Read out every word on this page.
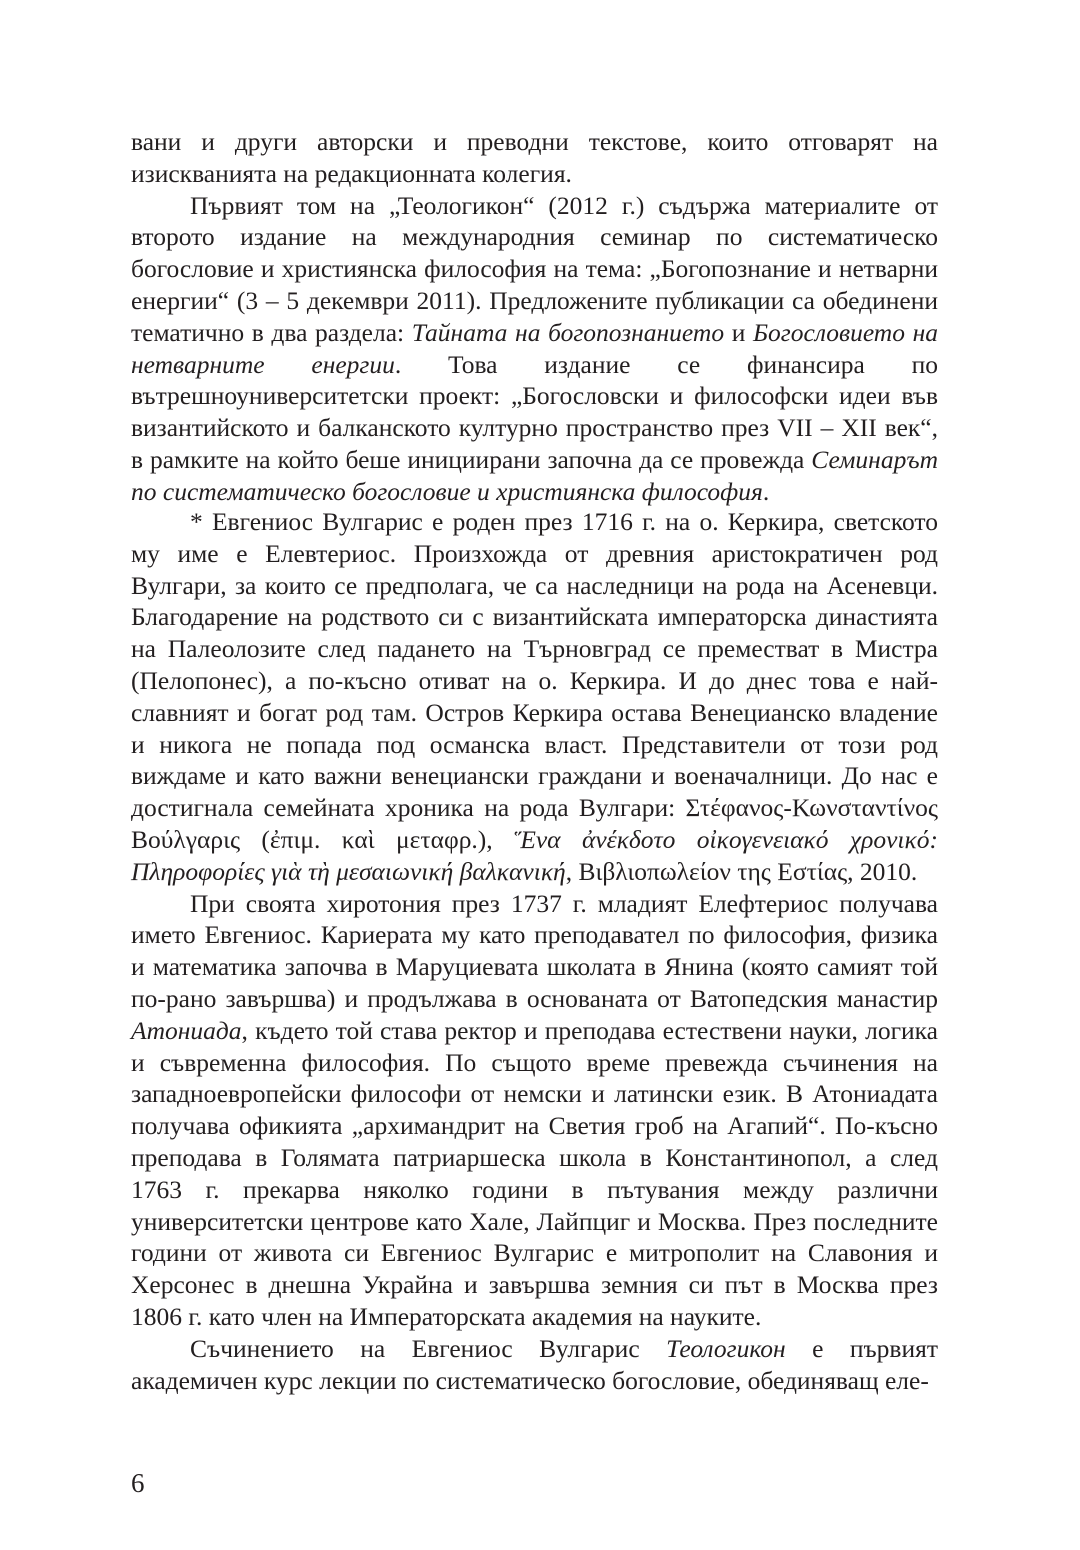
вани и други авторски и преводни текстове, които отговарят на изискванията на редакционната колегия.

Първият том на „Теологикон“ (2012 г.) съдържа материалите от второто издание на международния семинар по систематическо богословие и християнска философия на тема: „Богопознание и нетварни енергии“ (3 – 5 декември 2011). Предложените публикации са обединени тематично в два раздела: Тайната на богопознанието и Богословието на нетварните енергии. Това издание се финансира по вътрешноуниверситетски проект: „Богословски и философски идеи във византийското и балканското културно пространство през VII – XII век“, в рамките на който беше инициирани започна да се провежда Семинарът по систематическо богословие и християнска философия.

* Евгениос Вулгарис е роден през 1716 г. на о. Керкира, светското му име е Елевтериос. Произхожда от древния аристократичен род Вулгари, за които се предполага, че са наследници на рода на Асеневци. Благодарение на родството си с византийската императорска династията на Палеолозите след падането на Търновград се преместват в Мистра (Пелопонес), а по-късно отиват на о. Керкира. И до днес това е най-славният и богат род там. Остров Керкира остава Венецианско владение и никога не попада под османска власт. Представители от този род виждаме и като важни венециански граждани и военачалници. До нас е достигнала семейната хроника на рода Вулгари: Στέφανος-Κωνσταντίνος Βούλγαρις (ἐπιμ. καὶ μεταφρ.), Ἕνα ἀνέκδοτο οἰκογενειακό χρονικό: Πληροφορίες γιὰ τὴ μεσαιωνική βαλκανική, Βιβλιοπωλείον της Εστίας, 2010.

При своята хиротония през 1737 г. младият Елефтериос получава името Евгениос. Кариерата му като преподавател по философия, физика и математика започва в Маруциевата школата в Янина (която самият той по-рано завършва) и продължава в основаната от Ватопедския манастир Атониада, където той става ректор и преподава естествени науки, логика и съвременна философия. По същото време превежда съчинения на западноевропейски философи от немски и латински език. В Атониадата получава офикията „архимандрит на Светия гроб на Агапий“. По-късно преподава в Голямата патриаршеска школа в Константинопол, а след 1763 г. прекарва няколко години в пътувания между различни университетски центрове като Хале, Лайпциг и Москва. През последните години от живота си Евгениос Вулгарис е митрополит на Славония и Херсонес в днешна Украйна и завършва земния си път в Москва през 1806 г. като член на Императорската академия на науките.

Съчинението на Евгениос Вулгарис Теологикон е първият академичен курс лекции по систематическо богословие, обединяващ еле-

6
